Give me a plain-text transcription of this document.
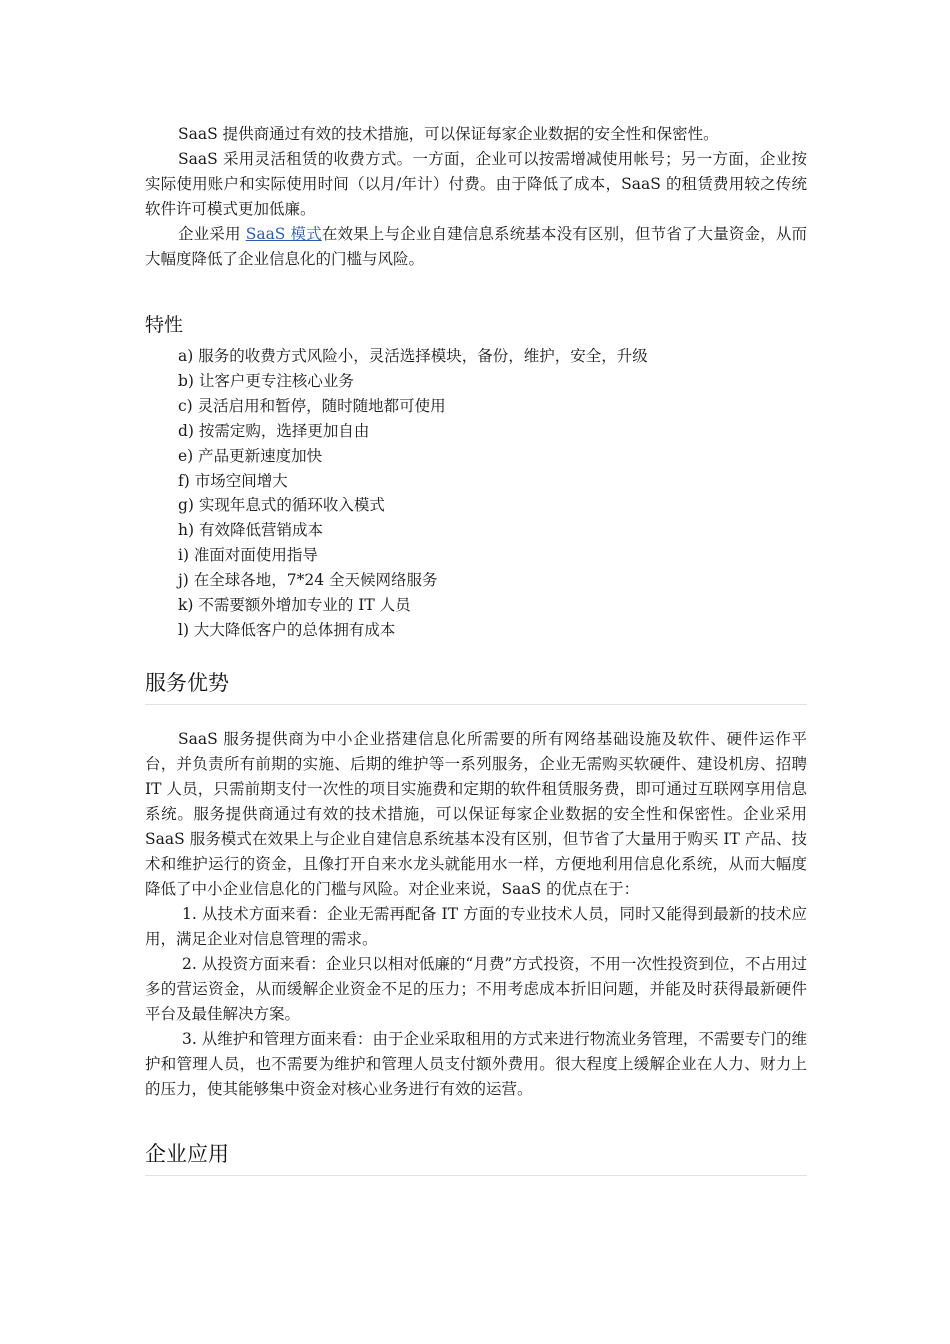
SaaS 提供商通过有效的技术措施，可以保证每家企业数据的安全性和保密性。

SaaS 采用灵活租赁的收费方式。一方面，企业可以按需增减使用帐号；另一方面，企业按实际使用账户和实际使用时间（以月/年计）付费。由于降低了成本，SaaS 的租赁费用较之传统软件许可模式更加低廉。

企业采用 SaaS 模式在效果上与企业自建信息系统基本没有区别，但节省了大量资金，从而大幅度降低了企业信息化的门槛与风险。

特性
a) 服务的收费方式风险小，灵活选择模块，备份，维护，安全，升级
b) 让客户更专注核心业务
c) 灵活启用和暂停，随时随地都可使用
d) 按需定购，选择更加自由
e) 产品更新速度加快
f) 市场空间增大
g) 实现年息式的循环收入模式
h) 有效降低营销成本
i) 准面对面使用指导
j) 在全球各地，7*24 全天候网络服务
k) 不需要额外增加专业的 IT 人员
l) 大大降低客户的总体拥有成本
服务优势

SaaS 服务提供商为中小企业搭建信息化所需要的所有网络基础设施及软件、硬件运作平台，并负责所有前期的实施、后期的维护等一系列服务，企业无需购买软硬件、建设机房、招聘 IT 人员，只需前期支付一次性的项目实施费和定期的软件租赁服务费，即可通过互联网享用信息系统。服务提供商通过有效的技术措施，可以保证每家企业数据的安全性和保密性。企业采用 SaaS 服务模式在效果上与企业自建信息系统基本没有区别，但节省了大量用于购买 IT 产品、技术和维护运行的资金，且像打开自来水龙头就能用水一样，方便地利用信息化系统，从而大幅度降低了中小企业信息化的门槛与风险。对企业来说，SaaS 的优点在于：

1. 从技术方面来看：企业无需再配备 IT 方面的专业技术人员，同时又能得到最新的技术应用，满足企业对信息管理的需求。

2. 从投资方面来看：企业只以相对低廉的“月费”方式投资，不用一次性投资到位，不占用过多的营运资金，从而缓解企业资金不足的压力；不用考虑成本折旧问题，并能及时获得最新硬件平台及最佳解决方案。

3. 从维护和管理方面来看：由于企业采取租用的方式来进行物流业务管理，不需要专门的维护和管理人员，也不需要为维护和管理人员支付额外费用。很大程度上缓解企业在人力、财力上的压力，使其能够集中资金对核心业务进行有效的运营。

企业应用
